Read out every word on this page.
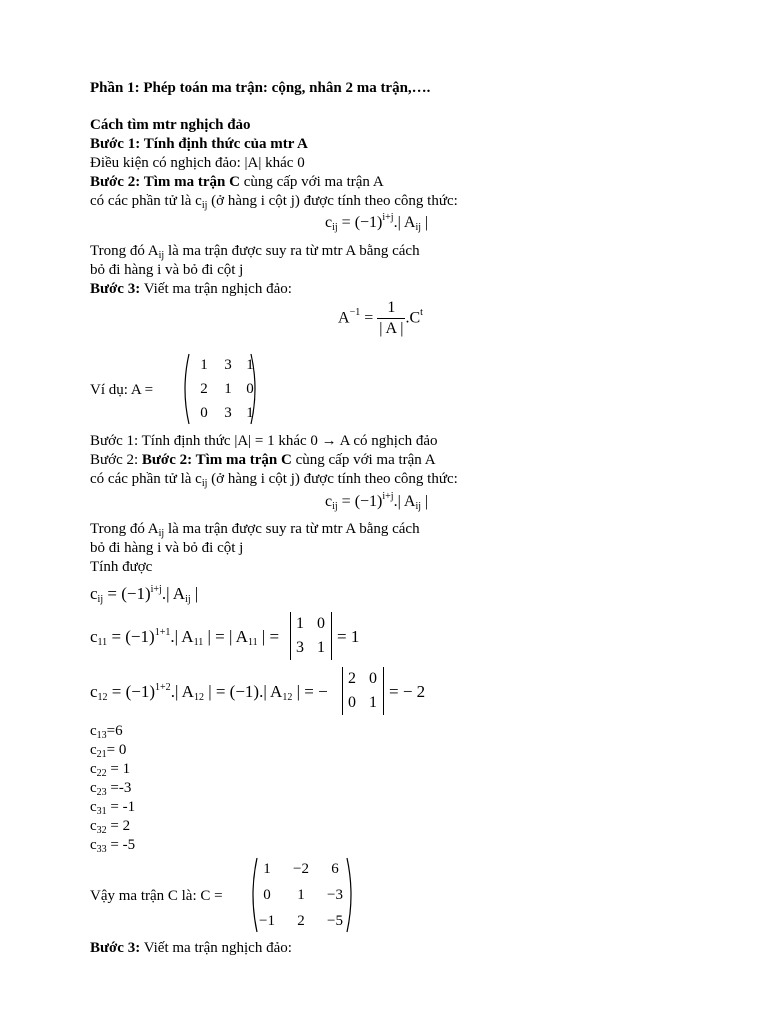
Phần 1: Phép toán ma trận: cộng, nhân 2 ma trận,….
Cách tìm mtr nghịch đảo
Bước 1: Tính định thức của mtr A
Điều kiện có nghịch đảo: |A| khác 0
Bước 2: Tìm ma trận C cùng cấp với ma trận A
có các phần tử là $c_{ij}$ (ở hàng i cột j) được tính theo công thức:
$c_{ij} = (-1)^{i+j}.|$ $A_{ij}$ |
Trong đó $A_{ij}$ là ma trận được suy ra từ mtr A bằng cách
bỏ đi hàng i và bỏ đi cột j
Bước 3: Viết ma trận nghịch đảo:
$A^{-1} = \frac{1}{| A |} .C^t$
Ví dụ: A =
1	3 1
2	1 0
0	3 1
Bước 1: Tính định thức |A| = 1 khác 0 → A có nghịch đảo
Bước 2: Bước 2: Tìm ma trận C cùng cấp với ma trận A
có các phần tử là $c_{ij}$ (ở hàng i cột j) được tính theo công thức:
$c_{ij} = (-1)^{i+j}.|$ $A_{ij}$ |
Trong đó $A_{ij}$ là ma trận được suy ra từ mtr A bằng cách
bỏ đi hàng i và bỏ đi cột j
Tính được
$c_{ij} = (-1)^{i+j}.|$ $A_{ij}$ |
$c_{11} = (-1)^{1+1}.|$ $A_{11}$ | = | $A_{11}$ | =
1 0
3 1
= 1
$c_{12} = (-1)^{1+2}.|$ $A_{12}$ | = (−1).| $A_{12}$ | = −
2 0
0 1
= − 2
$c_{13}=6$
$c_{21}= 0$
$c_{22} = 1$
$c_{23} =-3$
$c_{31} = -1$
$c_{32} = 2$
$c_{33} = -5$
Vậy ma trận C là: C =
1	−2	6
0	1	−3
−1	2	−5
Bước 3: Viết ma trận nghịch đảo:
